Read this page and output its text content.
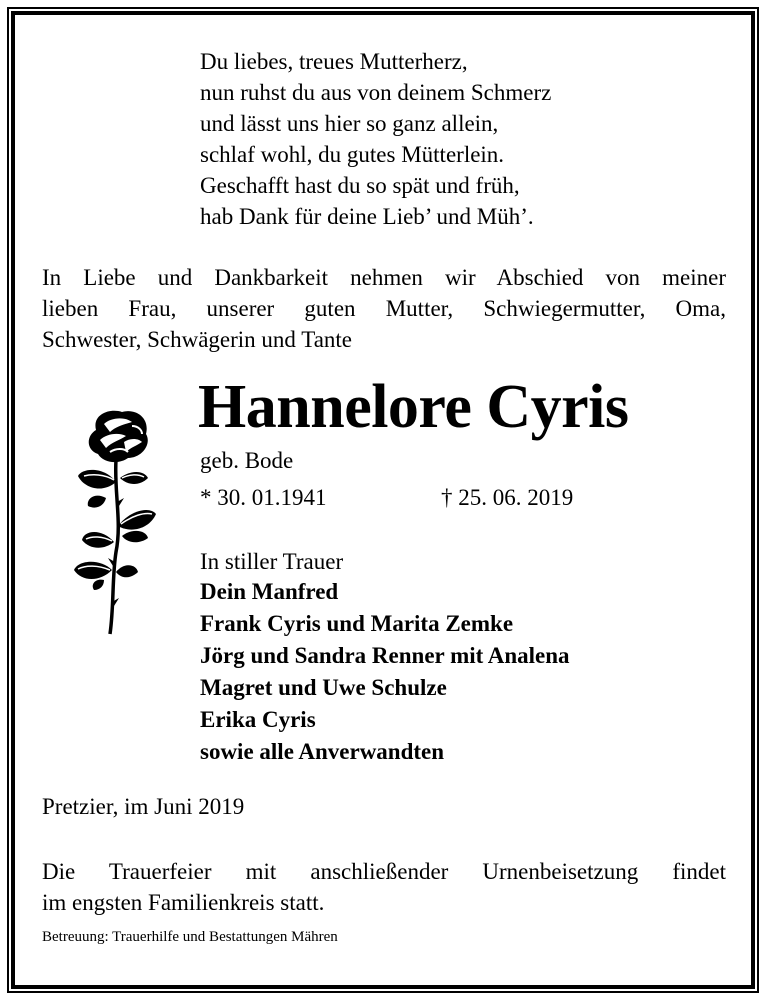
Du liebes, treues Mutterherz,
nun ruhst du aus von deinem Schmerz
und lässt uns hier so ganz allein,
schlaf wohl, du gutes Mütterlein.
Geschafft hast du so spät und früh,
hab Dank für deine Lieb’ und Müh’.
In Liebe und Dankbarkeit nehmen wir Abschied von meiner
lieben Frau, unserer guten Mutter, Schwiegermutter, Oma,
Schwester, Schwägerin und Tante
Hannelore Cyris
geb. Bode
* 30. 01.1941	† 25. 06. 2019
In stiller Trauer
Dein Manfred
Frank Cyris und Marita Zemke
Jörg und Sandra Renner mit Analena
Magret und Uwe Schulze
Erika Cyris
sowie alle Anverwandten
Pretzier, im Juni 2019
Die Trauerfeier mit anschließender Urnenbeisetzung findet
im engsten Familienkreis statt.
Betreuung: Trauerhilfe und Bestattungen Mähren
